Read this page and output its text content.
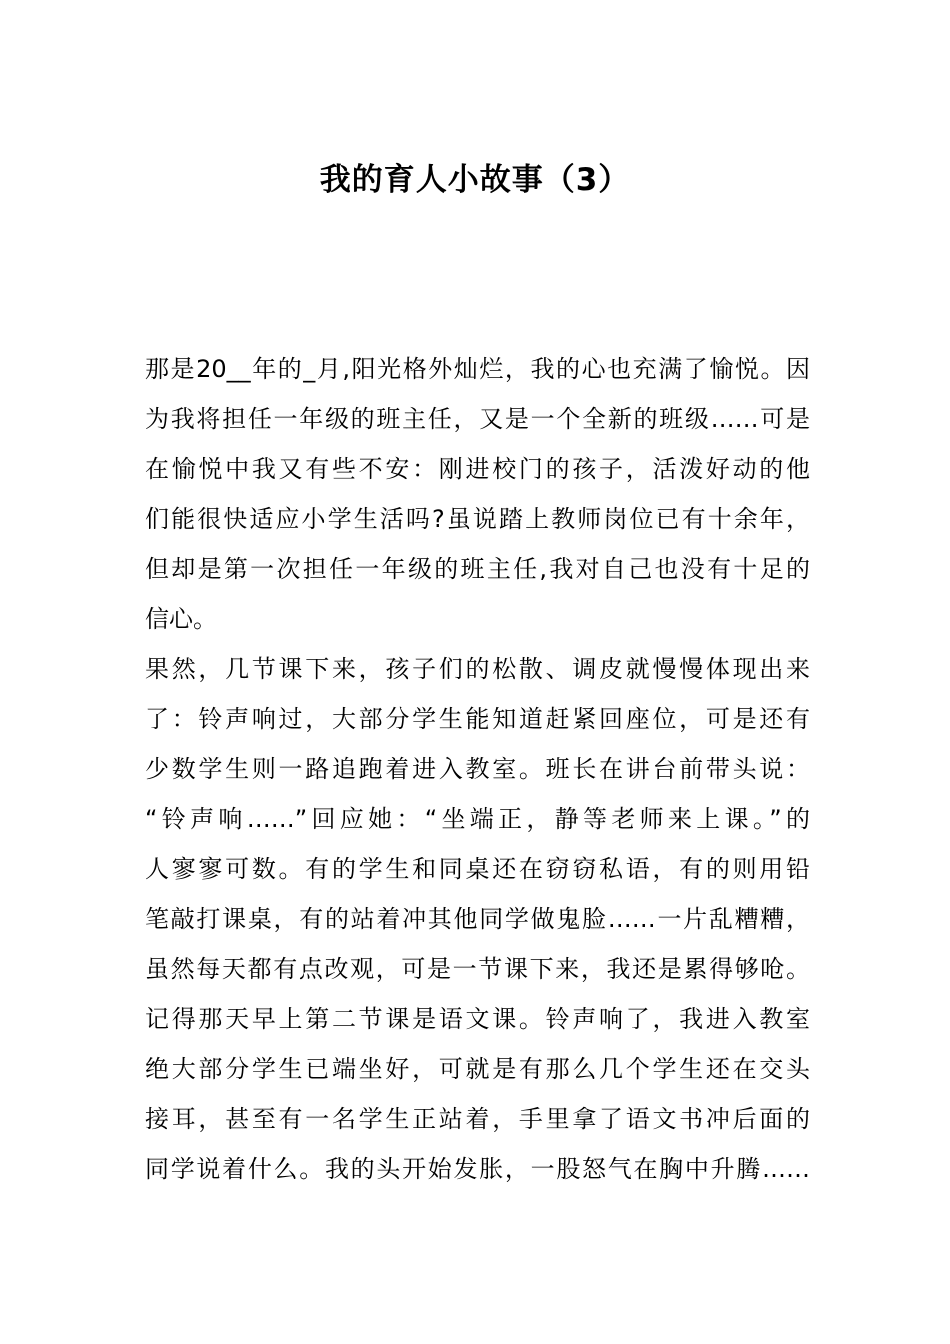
我的育人小故事（3）
那是20__年的_月,阳光格外灿烂，我的心也充满了愉悦。因
为我将担任一年级的班主任，又是一个全新的班级……可是
在愉悦中我又有些不安：刚进校门的孩子，活泼好动的他
们能很快适应小学生活吗?虽说踏上教师岗位已有十余年，
但却是第一次担任一年级的班主任,我对自己也没有十足的
信心。
果然，几节课下来，孩子们的松散、调皮就慢慢体现出来
了：铃声响过，大部分学生能知道赶紧回座位，可是还有
少数学生则一路追跑着进入教室。班长在讲台前带头说：
“铃声响……”回应她：“坐端正，静等老师来上课。”的
人寥寥可数。有的学生和同桌还在窃窃私语，有的则用铅
笔敲打课桌，有的站着冲其他同学做鬼脸……一片乱糟糟，
虽然每天都有点改观，可是一节课下来，我还是累得够呛。
记得那天早上第二节课是语文课。铃声响了，我进入教室
绝大部分学生已端坐好，可就是有那么几个学生还在交头
接耳，甚至有一名学生正站着，手里拿了语文书冲后面的
同学说着什么。我的头开始发胀，一股怒气在胸中升腾……
